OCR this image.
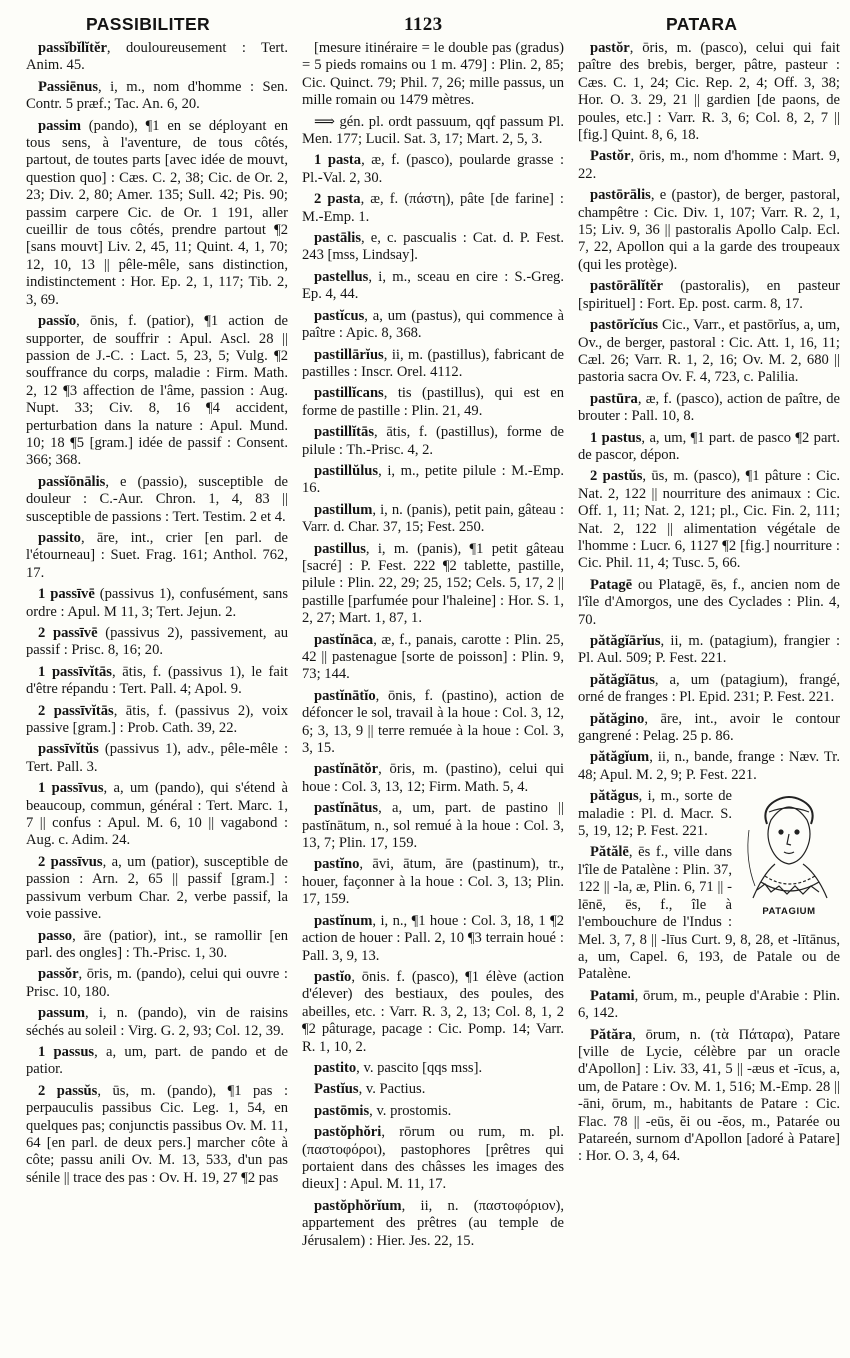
PASSIBILITER	1123	PATARA

passĭbĭlĭtĕr, douloureusement : Tert. Anim. 45.

Passiēnus, i, m., nom d'homme : Sen. Contr. 5 præf.; Tac. An. 6, 20.

passim (pando), ¶1 en se déployant en tous sens, à l'aventure, de tous côtés, partout, de toutes parts [avec idée de mouvt, question quo] : Cæs. C. 2, 38; Cic. de Or. 2, 23; Div. 2, 80; Amer. 135; Sull. 42; Pis. 90; passim carpere Cic. de Or. 1 191, aller cueillir de tous côtés, prendre partout ¶2 [sans mouvt] Liv. 2, 45, 11; Quint. 4, 1, 70; 12, 10, 13 || pêle-mêle, sans distinction, indistinctement : Hor. Ep. 2, 1, 117; Tib. 2, 3, 69.

passĭo, ōnis, f. (patior), ¶1 action de supporter, de souffrir : Apul. Ascl. 28 || passion de J.-C. : Lact. 5, 23, 5; Vulg. ¶2 souffrance du corps, maladie : Firm. Math. 2, 12 ¶3 affection de l'âme, passion : Aug. Nupt. 33; Civ. 8, 16 ¶4 accident, perturbation dans la nature : Apul. Mund. 10; 18 ¶5 [gram.] idée de passif : Consent. 366; 368.

passĭōnālis, e (passio), susceptible de douleur : C.-Aur. Chron. 1, 4, 83 || susceptible de passions : Tert. Testim. 2 et 4.

passito, āre, int., crier [en parl. de l'étourneau] : Suet. Frag. 161; Anthol. 762, 17.

1 passīvē (passivus 1), confusément, sans ordre : Apul. M 11, 3; Tert. Jejun. 2.

2 passīvē (passivus 2), passivement, au passif : Prisc. 8, 16; 20.

1 passīvĭtās, ātis, f. (passivus 1), le fait d'être répandu : Tert. Pall. 4; Apol. 9.

2 passīvĭtās, ātis, f. (passivus 2), voix passive [gram.] : Prob. Cath. 39, 22.

passīvĭtŭs (passivus 1), adv., pêle-mêle : Tert. Pall. 3.

1 passīvus, a, um (pando), qui s'étend à beaucoup, commun, général : Tert. Marc. 1, 7 || confus : Apul. M. 6, 10 || vagabond : Aug. c. Adim. 24.

2 passīvus, a, um (patior), susceptible de passion : Arn. 2, 65 || passif [gram.] : passivum verbum Char. 2, verbe passif, la voie passive.

passo, āre (patior), int., se ramollir [en parl. des ongles] : Th.-Prisc. 1, 30.

passŏr, ōris, m. (pando), celui qui ouvre : Prisc. 10, 180.

passum, i, n. (pando), vin de raisins séchés au soleil : Virg. G. 2, 93; Col. 12, 39.

1 passus, a, um, part. de pando et de patior.

2 passŭs, ūs, m. (pando), ¶1 pas : perpauculis passibus Cic. Leg. 1, 54, en quelques pas; conjunctis passibus Ov. M. 11, 64 [en parl. de deux pers.] marcher côte à côte; passu anili Ov. M. 13, 533, d'un pas sénile || trace des pas : Ov. H. 19, 27 ¶2 pas

[mesure itinéraire = le double pas (gradus) = 5 pieds romains ou 1 m. 479] : Plin. 2, 85; Cic. Quinct. 79; Phil. 7, 26; mille passus, un mille romain ou 1479 mètres.

⟹ gén. pl. ordt passuum, qqf passum Pl. Men. 177; Lucil. Sat. 3, 17; Mart. 2, 5, 3.

1 pasta, æ, f. (pasco), poularde grasse : Pl.-Val. 2, 30.

2 pasta, æ, f. (πάστη), pâte [de farine] : M.-Emp. 1.

pastālis, e, c. pascualis : Cat. d. P. Fest. 243 [mss, Lindsay].

pastellus, i, m., sceau en cire : S.-Greg. Ep. 4, 44.

pastĭcus, a, um (pastus), qui commence à paître : Apic. 8, 368.

pastillārĭus, ii, m. (pastillus), fabricant de pastilles : Inscr. Orel. 4112.

pastillĭcans, tis (pastillus), qui est en forme de pastille : Plin. 21, 49.

pastillĭtās, ātis, f. (pastillus), forme de pilule : Th.-Prisc. 4, 2.

pastillŭlus, i, m., petite pilule : M.-Emp. 16.

pastillum, i, n. (panis), petit pain, gâteau : Varr. d. Char. 37, 15; Fest. 250.

pastillus, i, m. (panis), ¶1 petit gâteau [sacré] : P. Fest. 222 ¶2 tablette, pastille, pilule : Plin. 22, 29; 25, 152; Cels. 5, 17, 2 || pastille [parfumée pour l'haleine] : Hor. S. 1, 2, 27; Mart. 1, 87, 1.

pastĭnāca, æ, f., panais, carotte : Plin. 25, 42 || pastenague [sorte de poisson] : Plin. 9, 73; 144.

pastĭnātĭo, ōnis, f. (pastino), action de défoncer le sol, travail à la houe : Col. 3, 12, 6; 3, 13, 9 || terre remuée à la houe : Col. 3, 3, 15.

pastĭnātŏr, ōris, m. (pastino), celui qui houe : Col. 3, 13, 12; Firm. Math. 5, 4.

pastĭnātus, a, um, part. de pastino || pastĭnātum, n., sol remué à la houe : Col. 3, 13, 7; Plin. 17, 159.

pastĭno, āvi, ātum, āre (pastinum), tr., houer, façonner à la houe : Col. 3, 13; Plin. 17, 159.

pastĭnum, i, n., ¶1 houe : Col. 3, 18, 1 ¶2 action de houer : Pall. 2, 10 ¶3 terrain houé : Pall. 3, 9, 13.

pastĭo, ōnis. f. (pasco), ¶1 élève (action d'élever) des bestiaux, des poules, des abeilles, etc. : Varr. R. 3, 2, 13; Col. 8, 1, 2 ¶2 pâturage, pacage : Cic. Pomp. 14; Varr. R. 1, 10, 2.

pastito, v. pascito [qqs mss].

Pastĭus, v. Pactius.

pastōmis, v. prostomis.

pastŏphŏri, rōrum ou rum, m. pl. (παστοφόροι), pastophores [prêtres qui portaient dans des châsses les images des dieux] : Apul. M. 11, 17.

pastŏphŏrĭum, ii, n. (παστοφόριον), appartement des prêtres (au temple de Jérusalem) : Hier. Jes. 22, 15.

pastŏr, ōris, m. (pasco), celui qui fait paître des brebis, berger, pâtre, pasteur : Cæs. C. 1, 24; Cic. Rep. 2, 4; Off. 3, 38; Hor. O. 3. 29, 21 || gardien [de paons, de poules, etc.] : Varr. R. 3, 6; Col. 8, 2, 7 || [fig.] Quint. 8, 6, 18.

Pastŏr, ōris, m., nom d'homme : Mart. 9, 22.

pastōrālis, e (pastor), de berger, pastoral, champêtre : Cic. Div. 1, 107; Varr. R. 2, 1, 15; Liv. 9, 36 || pastoralis Apollo Calp. Ecl. 7, 22, Apollon qui a la garde des troupeaux (qui les protège).

pastōrālĭtĕr (pastoralis), en pasteur [spirituel] : Fort. Ep. post. carm. 8, 17.

pastōrĭcĭus Cic., Varr., et pastōrĭus, a, um, Ov., de berger, pastoral : Cic. Att. 1, 16, 11; Cæl. 26; Varr. R. 1, 2, 16; Ov. M. 2, 680 || pastoria sacra Ov. F. 4, 723, c. Palilia.

pastūra, æ, f. (pasco), action de paître, de brouter : Pall. 10, 8.

1 pastus, a, um, ¶1 part. de pasco ¶2 part. de pascor, dépon.

2 pastŭs, ūs, m. (pasco), ¶1 pâture : Cic. Nat. 2, 122 || nourriture des animaux : Cic. Off. 1, 11; Nat. 2, 121; pl., Cic. Fin. 2, 111; Nat. 2, 122 || alimentation végétale de l'homme : Lucr. 6, 1127 ¶2 [fig.] nourriture : Cic. Phil. 11, 4; Tusc. 5, 66.

Patagē ou Platagē, ēs, f., ancien nom de l'île d'Amorgos, une des Cyclades : Plin. 4, 70.

pătăgĭārĭus, ii, m. (patagium), frangier : Pl. Aul. 509; P. Fest. 221.

pătăgĭātus, a, um (patagium), frangé, orné de franges : Pl. Epid. 231; P. Fest. 221.

pătăgino, āre, int., avoir le contour gangrené : Pelag. 25 p. 86.

pătăgĭum, ii, n., bande, frange : Næv. Tr. 48; Apul. M. 2, 9; P. Fest. 221.

PATAGIUM

pătăgus, i, m., sorte de maladie : Pl. d. Macr. S. 5, 19, 12; P. Fest. 221.

Pătălē, ēs f., ville dans l'île de Patalène : Plin. 37, 122 || -la, æ, Plin. 6, 71 || -lēnē, ēs, f., île à l'embouchure de l'Indus : Mel. 3, 7, 8 || -līus Curt. 9, 8, 28, et -lītānus, a, um, Capel. 6, 193, de Patale ou de Patalène.

Patami, ōrum, m., peuple d'Arabie : Plin. 6, 142.

Pătăra, ōrum, n. (τὰ Πάταρα), Patare [ville de Lycie, célèbre par un oracle d'Apollon] : Liv. 33, 41, 5 || -æus et -īcus, a, um, de Patare : Ov. M. 1, 516; M.-Emp. 28 || -āni, ōrum, m., habitants de Patare : Cic. Flac. 78 || -eūs, ĕi ou -ĕos, m., Patarée ou Patareén, surnom d'Apollon [adoré à Patare] : Hor. O. 3, 4, 64.
